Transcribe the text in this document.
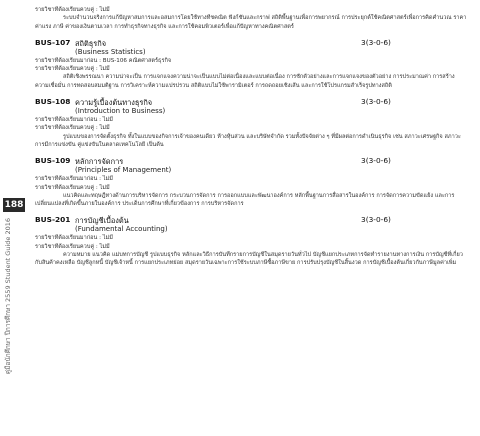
188
คู่มือนักศึกษา ปีการศึกษา 2559 Student Guide 2016
รายวิชาที่ต้องเรียนควบคู่ : ไม่มี
ระบบจำนวนจริงการแก้ปัญหาสมการและอสมการโดยใช้ทางทีชคณิต ฟังก์ชันและกราฟ สถิติพื้นฐานเพื่อการพยากรณ์ การประยุกต์ใช้คณิตศาสตร์เพื่อการคิดคำนวณ ราคา ค่าแรง ภาษี ค่าของเงินตามเวลา การทำธุรกิจทางธุรกิจ และการใช้คอมพิวเตอร์เพื่อแก้ปัญหาทางคณิตศาสตร์
BUS-107 สถิติธุรกิจ	3(3-0-6)
(Business Statistics)
รายวิชาที่ต้องเรียนมาก่อน : BUS-106 คณิตศาสตร์ธุรกิจ
รายวิชาที่ต้องเรียนควบคู่ : ไม่มี
สถิติเชิงพรรณนา ความน่าจะเป็น การแจกแจงความน่าจะเป็นแบบไม่ต่อเนื่องและแบบต่อเนื่อง การชักตัวอย่างและการแจกแจงของตัวอย่าง การประมาณค่า การสร้างความเชื่อมั่น การทดสอบสมมติฐาน การวิเคราะห์ความแปรปรวน สถิติแบบไม่ใช้พารามิเตอร์ การถดถอยเชิงเส้น และการใช้โปรแกรมสำเร็จรูปทางสถิติ
BUS-108 ความรู้เบื้องต้นทางธุรกิจ	3(3-0-6)
(Introduction to Business)
รายวิชาที่ต้องเรียนมาก่อน : ไม่มี
รายวิชาที่ต้องเรียนควบคู่ : ไม่มี
รูปแบบของการจัดตั้งธุรกิจ ทั้งในแบบของกิจการเจ้าของคนเดียว ห้างหุ้นส่วน และบริษัทจำกัด รวมทั้งปัจจัยต่าง ๆ ที่มีผลต่อการดำเนินธุรกิจ เช่น สภาวะเศรษฐกิจ สภาวะการมีการแข่งขัน คู่แข่งขันในตลาดเทคโนโลยี เป็นต้น
BUS-109 หลักการจัดการ	3(3-0-6)
(Principles of Management)
รายวิชาที่ต้องเรียนมาก่อน : ไม่มี
รายวิชาที่ต้องเรียนควบคู่ : ไม่มี
แนวคิดและทฤษฎีทางด้านการบริหารจัดการ กระบวนการจัดการ การออกแบบและพัฒนาองค์การ หลักพื้นฐานการสื่อสารในองค์การ การจัดการความขัดแย้ง และการเปลี่ยนแปลงที่เกิดขึ้นภายในองค์การ ประเด็นการศึกษาที่เกี่ยวข้องการ การบริหารจัดการ
BUS-201 การบัญชีเบื้องต้น	3(3-0-6)
(Fundamental Accounting)
รายวิชาที่ต้องเรียนมาก่อน : ไม่มี
รายวิชาที่ต้องเรียนควบคู่ : ไม่มี
ความหมาย แนวคิด แม่บทการบัญชี รูปแบบธุรกิจ หลักและวิธีการบันทึกรายการบัญชีในสมุดรายวันทั่วไป บัญชีแยกประเภทการจัดทำรายงานทางการเงิน การบัญชีที่เกี่ยวกับสินค้าคงเหลือ บัญชีลูกหนี้ บัญชีเจ้าหนี้ การแยกประเภทย่อย สมุดรายวันเฉพาะการใช้ระบบภาษีซื้อภาษีขาย การปรับปรุงบัญชีในสิ้นงวด การบัญชีเบื้องต้นเกี่ยวกับภาษีมูลค่าเพิ่ม
